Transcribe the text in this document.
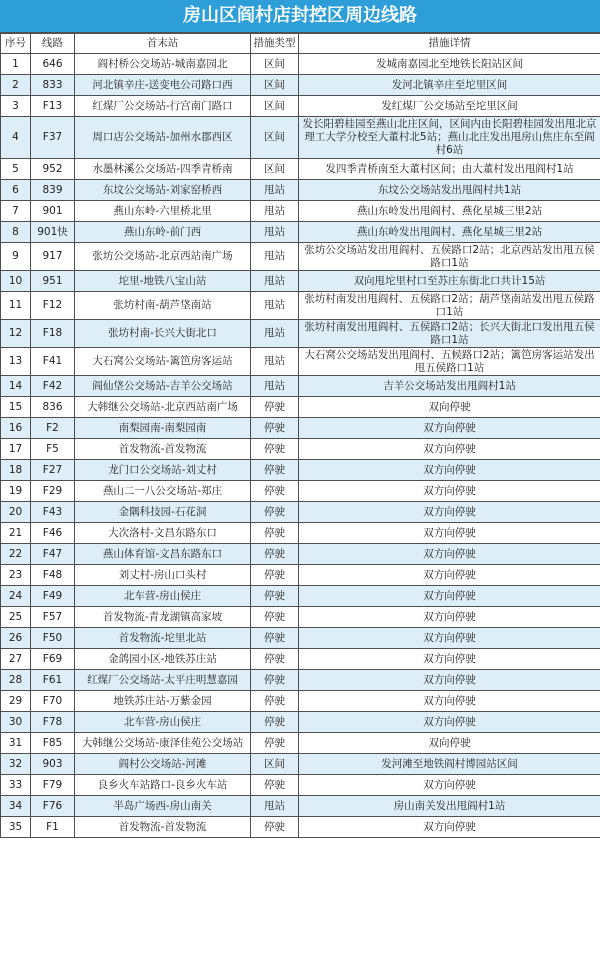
房山区阎村店封控区周边线路
序号	线路	首末站	措施类型	措施详情
1	646	阎村桥公交场站-城南嘉园北	区间	发城南嘉园北至地铁长阳站区间
2	833	河北镇辛庄-送变电公司路口西	区间	发河北镇辛庄至坨里区间
3	F13	红煤厂公交场站-行宫南门路口	区间	发红煤厂公交场站至坨里区间
4	F37	周口店公交场站-加州水郡西区	区间	发长阳碧桂园至燕山北庄区间，区间内由长阳碧桂园发出甩北京理工大学分校至大董村北5站；燕山北庄发出甩房山焦庄东至阎村6站
5	952	水墨林溪公交场站-四季青桥南	区间	发四季青桥南至大董村区间；由大董村发出甩阎村1站
6	839	东坟公交场站-刘家窑桥西	甩站	东坟公交场站发出甩阎村共1站
7	901	燕山东岭-六里桥北里	甩站	燕山东岭发出甩阎村、燕化星城三里2站
8	901快	燕山东岭-前门西	甩站	燕山东岭发出甩阎村、燕化星城三里2站
9	917	张坊公交场站-北京西站南广场	甩站	张坊公交场站发出甩阎村、五侯路口2站；北京西站发出甩五侯路口1站
10	951	坨里-地铁八宝山站	甩站	双向甩坨里村口至苏庄东街北口共计15站
11	F12	张坊村南-葫芦垡南站	甩站	张坊村南发出甩阎村、五侯路口2站；葫芦垡南站发出甩五侯路口1站
12	F18	张坊村南-长兴大街北口	甩站	张坊村南发出甩阎村、五侯路口2站；长兴大街北口发出甩五侯路口1站
13	F41	大石窝公交场站-篱笆房客运站	甩站	大石窝公交场站发出甩阎村、五候路口2站；篱笆房客运站发出甩五侯路口1站
14	F42	阎仙垡公交场站-吉羊公交场站	甩站	吉羊公交场站发出甩阎村1站
15	836	大韩继公交场站-北京西站南广场	停驶	双向停驶
16	F2	南梨园南-南梨园南	停驶	双方向停驶
17	F5	首发物流-首发物流	停驶	双方向停驶
18	F27	龙门口公交场站-刘丈村	停驶	双方向停驶
19	F29	燕山二一八公交场站-郑庄	停驶	双方向停驶
20	F43	金隅科技园-石花洞	停驶	双方向停驶
21	F46	大次洛村-文昌东路东口	停驶	双方向停驶
22	F47	燕山体育馆-文昌东路东口	停驶	双方向停驶
23	F48	刘丈村-房山口头村	停驶	双方向停驶
24	F49	北车营-房山侯庄	停驶	双方向停驶
25	F57	首发物流-青龙湖镇高家坡	停驶	双方向停驶
26	F50	首发物流-坨里北站	停驶	双方向停驶
27	F69	金鸽园小区-地铁苏庄站	停驶	双方向停驶
28	F61	红煤厂公交场站-太平庄明慧嘉园	停驶	双方向停驶
29	F70	地铁苏庄站-万紫金园	停驶	双方向停驶
30	F78	北车营-房山侯庄	停驶	双方向停驶
31	F85	大韩继公交场站-康泽佳苑公交场站	停驶	双向停驶
32	903	阎村公交场站-河滩	区间	发河滩至地铁阎村博园站区间
33	F79	良乡火车站路口-良乡火车站	停驶	双方向停驶
34	F76	半岛广场西-房山南关	甩站	房山南关发出甩阎村1站
35	F1	首发物流-首发物流	停驶	双方向停驶
